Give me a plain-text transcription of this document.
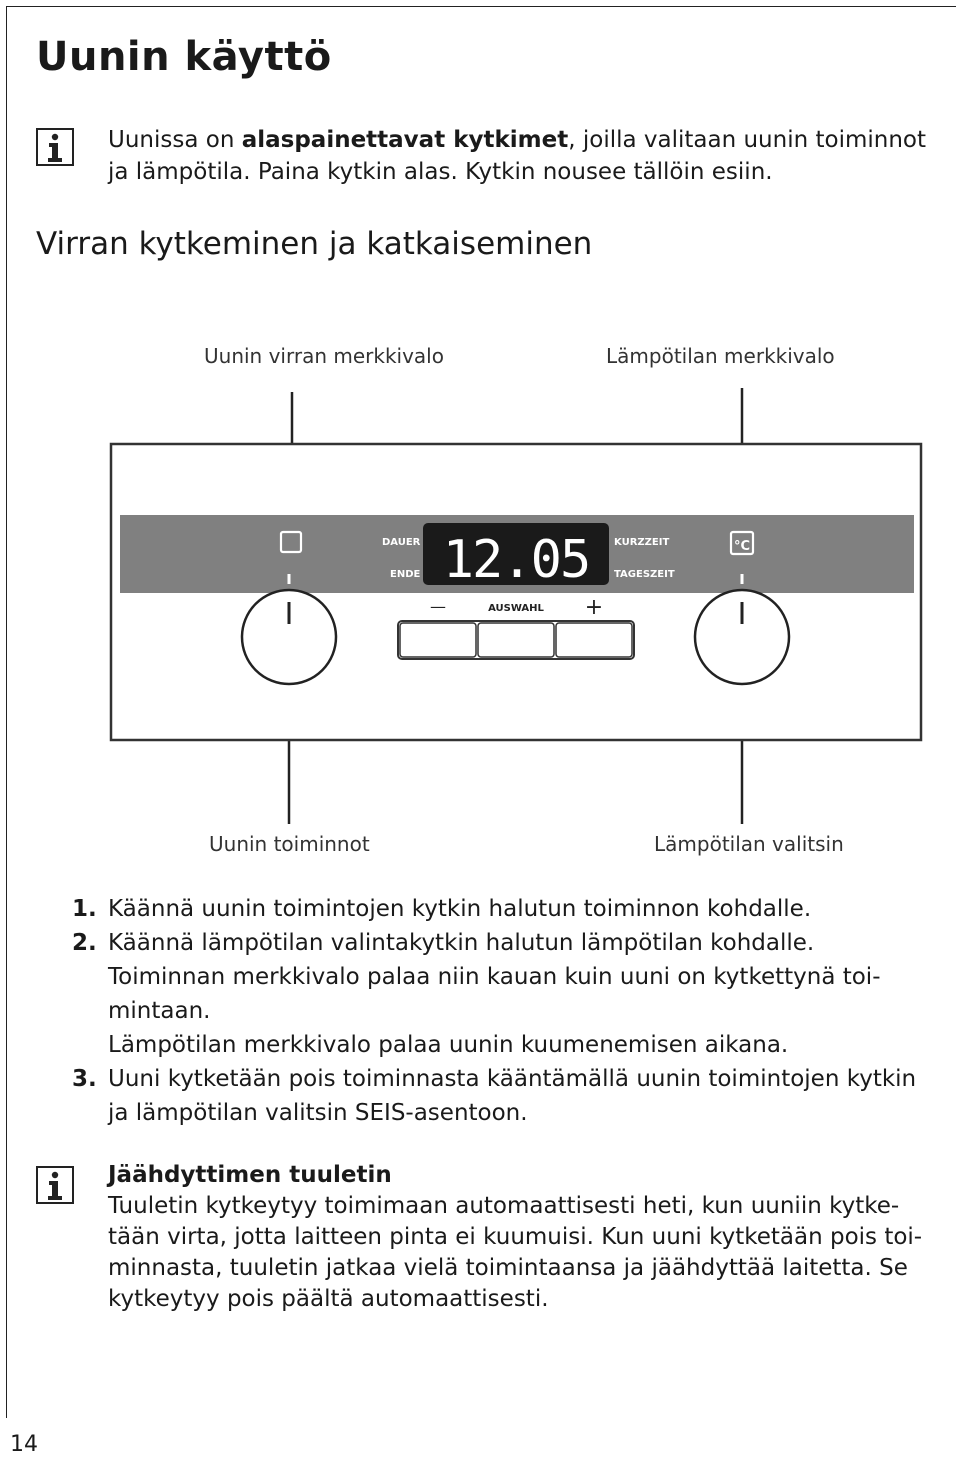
Uunin käyttö
Uunissa on alaspainettavat kytkimet, joilla valitaan uunin toiminnot
ja lämpötila. Paina kytkin alas. Kytkin nousee tällöin esiin.
Virran kytkeminen ja katkaiseminen
Uunin virran merkkivalo	Lämpötilan merkkivalo
Uunin toiminnot	Lämpötilan valitsin
°C
12.05
DAUER
ENDE
KURZZEIT
TAGESZEIT
—	AUSWAHL +
1. Käännä uunin toimintojen kytkin halutun toiminnon kohdalle.
2. Käännä lämpötilan valintakytkin halutun lämpötilan kohdalle.
Toiminnan merkkivalo palaa niin kauan kuin uuni on kytkettynä toi-
mintaan.
Lämpötilan merkkivalo palaa uunin kuumenemisen aikana.
3. Uuni kytketään pois toiminnasta kääntämällä uunin toimintojen kytkin
ja lämpötilan valitsin SEIS-asentoon.
Jäähdyttimen tuuletin
Tuuletin kytkeytyy toimimaan automaattisesti heti, kun uuniin kytke-
tään virta, jotta laitteen pinta ei kuumuisi. Kun uuni kytketään pois toi-
minnasta, tuuletin jatkaa vielä toimintaansa ja jäähdyttää laitetta. Se
kytkeytyy pois päältä automaattisesti.
14
